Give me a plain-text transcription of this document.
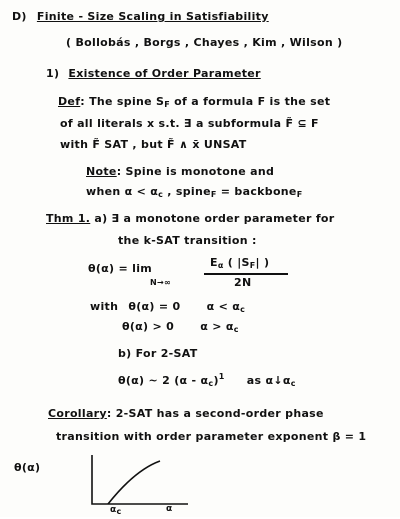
D) Finite - Size Scaling in Satisfiability
( Bollobás , Borgs , Chayes , Kim , Wilson )
1) Existence of Order Parameter
Def: The spine $S_F$ of a formula F is the set
of all literals x s.t. ∃ a subformula F̃ ⊆ F
with F̃ SAT , but F̃ ∧ x̄ UNSAT
Note: Spine is monotone and
when $\alpha < \alpha_c$ , spine$_F$ = backbone$_F$
Thm 1. a) ∃ a monotone order parameter for
the k-SAT transition :
θ(α) = lim
N→∞
$E_\alpha$ ( $|S_F|$ )
2N
with θ(α) = 0 $\alpha < \alpha_c$
θ(α) > 0 $\alpha > \alpha_c$
b) For 2-SAT
θ(α) ~ 2 $(\alpha - \alpha_c)^1$ as $\alpha↓\alpha_c$
Corollary: 2-SAT has a second-order phase
transition with order parameter exponent β = 1
θ(α)
αc	α
